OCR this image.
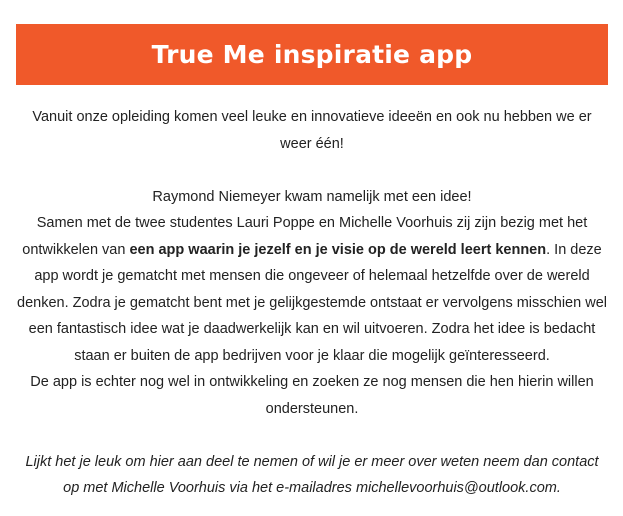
True Me inspiratie app

Vanuit onze opleiding komen veel leuke en innovatieve ideeën en ook nu hebben we er weer één!

Raymond Niemeyer kwam namelijk met een idee!
Samen met de twee studentes Lauri Poppe en Michelle Voorhuis zij zijn bezig met het ontwikkelen van een app waarin je jezelf en je visie op de wereld leert kennen. In deze app wordt je gematcht met mensen die ongeveer of helemaal hetzelfde over de wereld denken. Zodra je gematcht bent met je gelijkgestemde ontstaat er vervolgens misschien wel een fantastisch idee wat je daadwerkelijk kan en wil uitvoeren. Zodra het idee is bedacht staan er buiten de app bedrijven voor je klaar die mogelijk geïnteresseerd.
De app is echter nog wel in ontwikkeling en zoeken ze nog mensen die hen hierin willen ondersteunen.

Lijkt het je leuk om hier aan deel te nemen of wil je er meer over weten neem dan contact op met Michelle Voorhuis via het e-mailadres michellevoorhuis@outlook.com.
